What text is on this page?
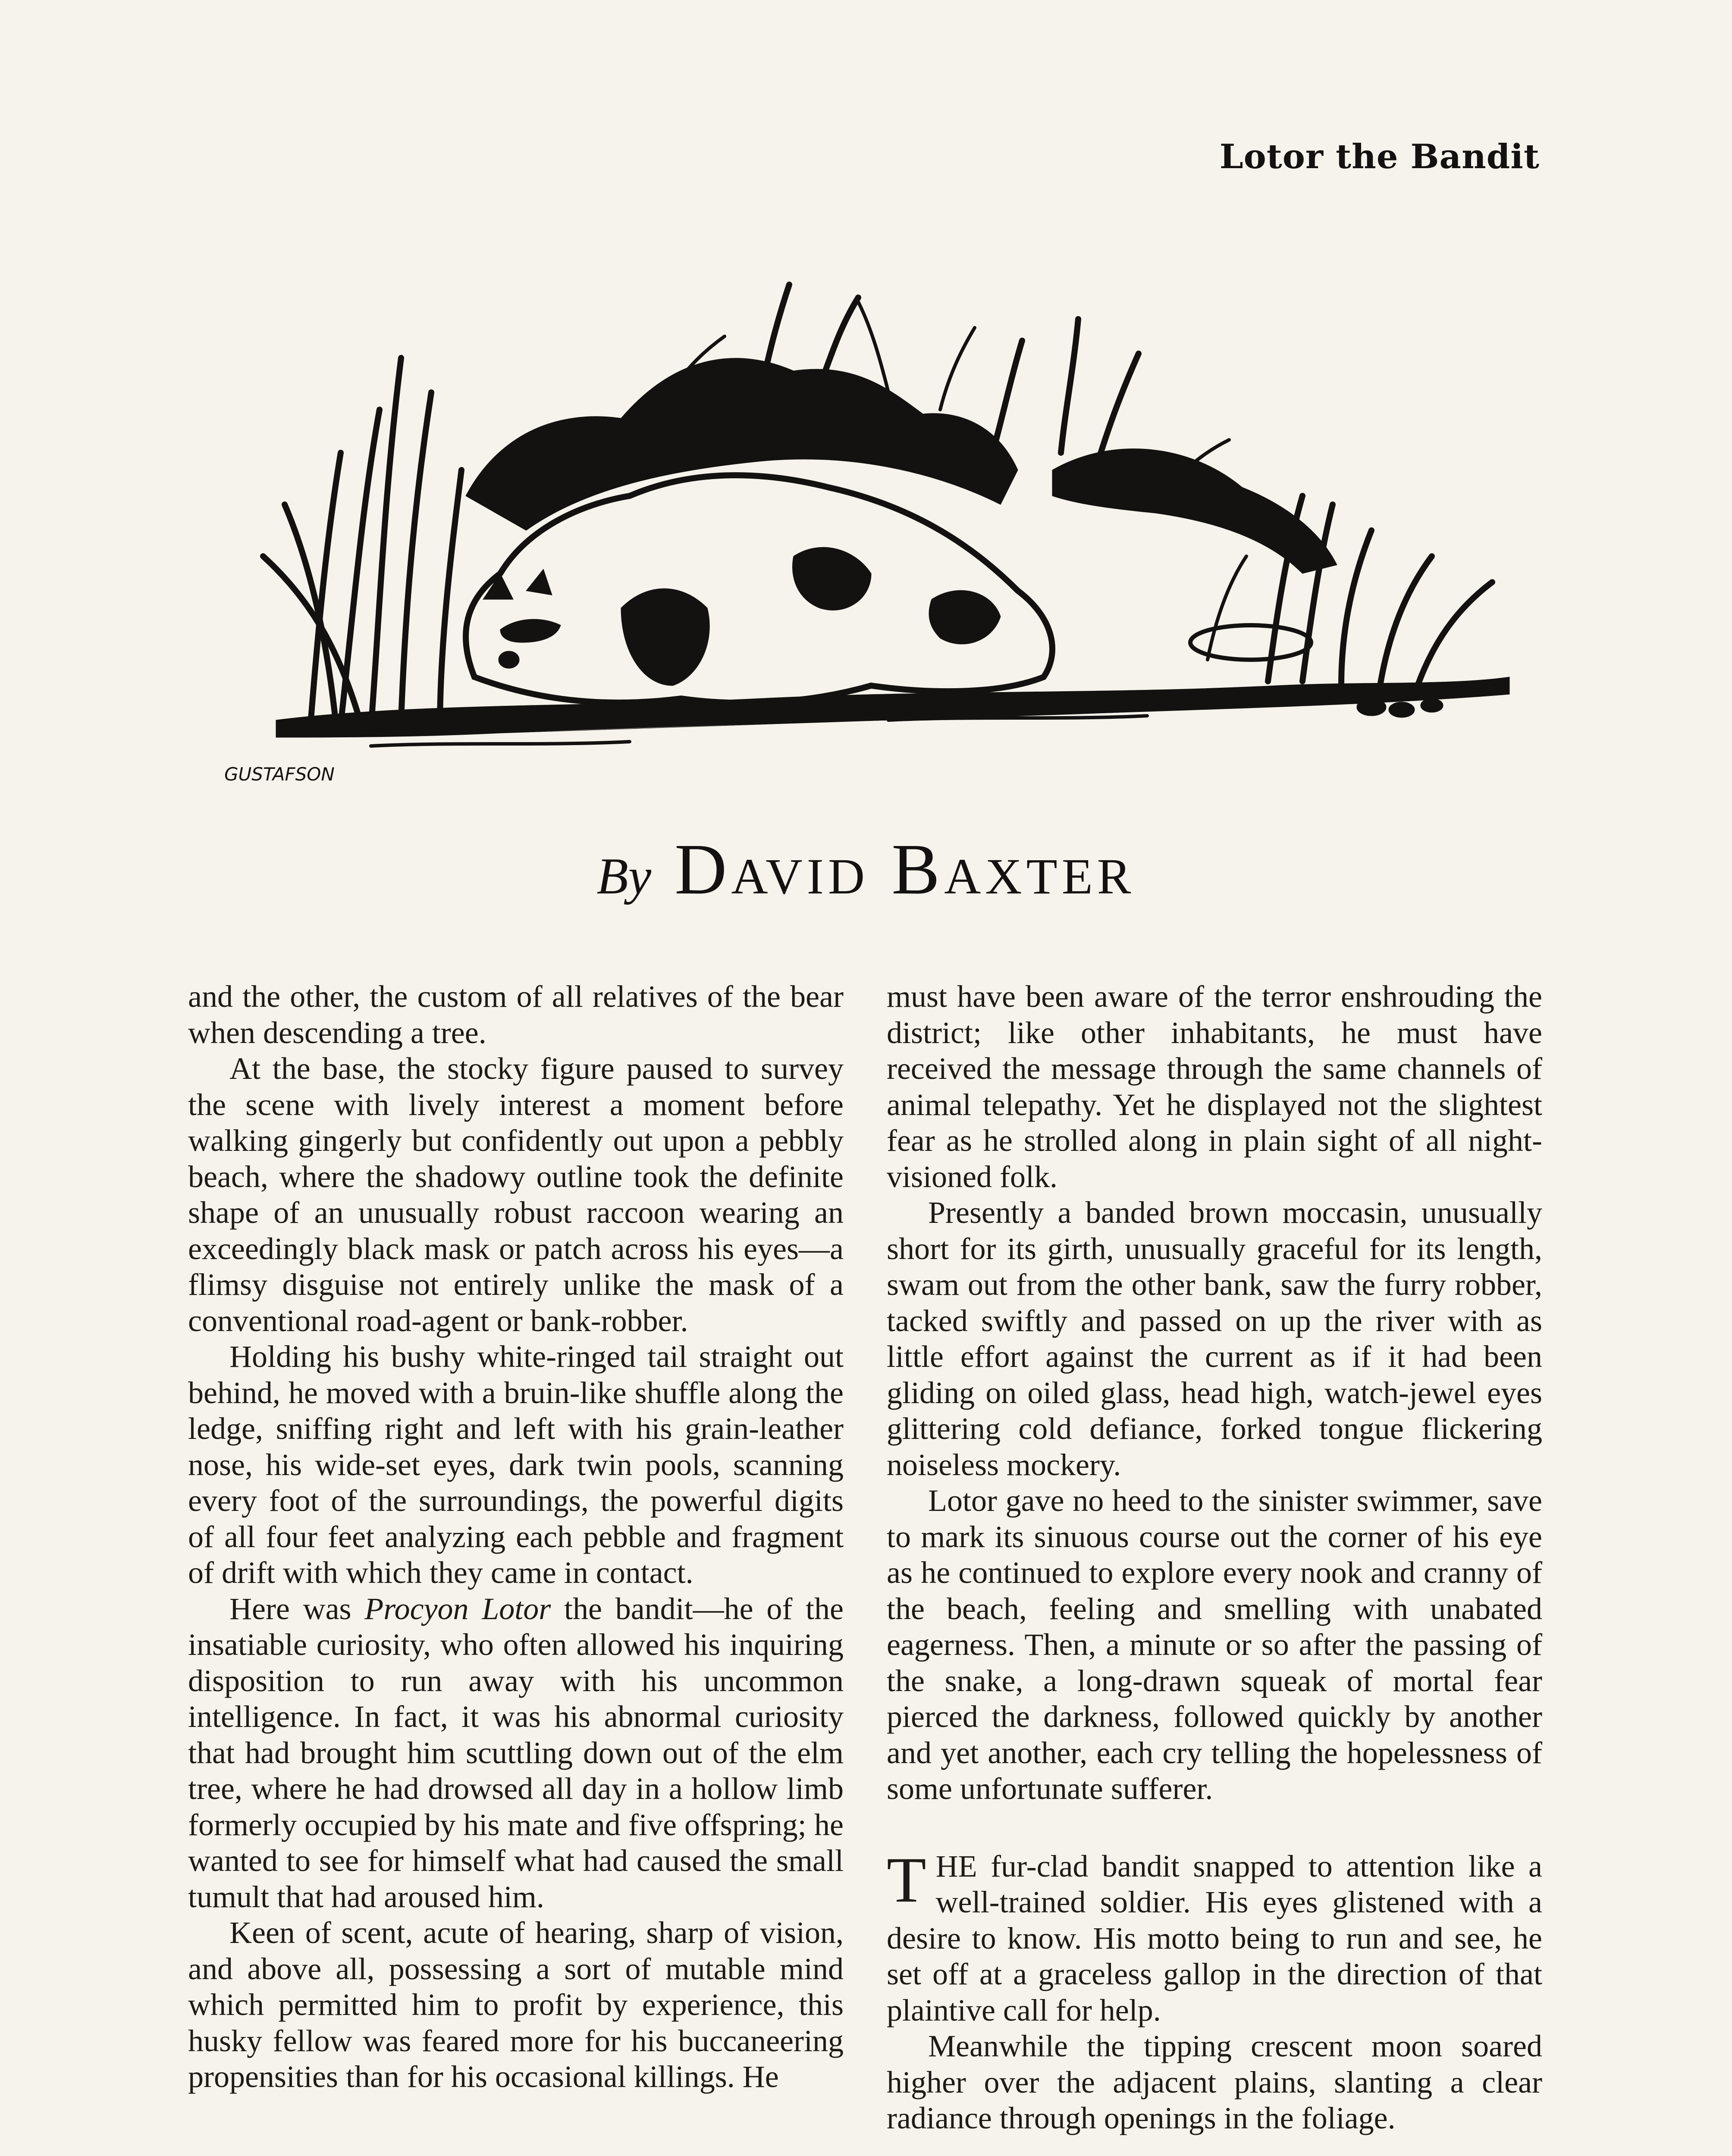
Lotor the Bandit
GUSTAFSON
By David Baxter

and the other, the custom of all relatives of the bear when descending a tree.

At the base, the stocky figure paused to survey the scene with lively interest a moment before walking gingerly but confidently out upon a pebbly beach, where the shadowy outline took the definite shape of an unusually robust raccoon wearing an exceedingly black mask or patch across his eyes—a flimsy disguise not entirely unlike the mask of a conventional road-agent or bank-robber.

Holding his bushy white-ringed tail straight out behind, he moved with a bruin-like shuffle along the ledge, sniffing right and left with his grain-leather nose, his wide-set eyes, dark twin pools, scanning every foot of the surroundings, the powerful digits of all four feet analyzing each pebble and fragment of drift with which they came in contact.

Here was Procyon Lotor the bandit—he of the insatiable curiosity, who often allowed his inquiring disposition to run away with his uncommon intelligence. In fact, it was his abnormal curiosity that had brought him scuttling down out of the elm tree, where he had drowsed all day in a hollow limb formerly occupied by his mate and five offspring; he wanted to see for himself what had caused the small tumult that had aroused him.

Keen of scent, acute of hearing, sharp of vision, and above all, possessing a sort of mutable mind which permitted him to profit by experience, this husky fellow was feared more for his buccaneering propensities than for his occasional killings. He

must have been aware of the terror enshrouding the district; like other inhabitants, he must have received the message through the same channels of animal telepathy. Yet he displayed not the slightest fear as he strolled along in plain sight of all night-visioned folk.

Presently a banded brown moccasin, unusually short for its girth, unusually graceful for its length, swam out from the other bank, saw the furry robber, tacked swiftly and passed on up the river with as little effort against the current as if it had been gliding on oiled glass, head high, watch-jewel eyes glittering cold defiance, forked tongue flickering noiseless mockery.

Lotor gave no heed to the sinister swimmer, save to mark its sinuous course out the corner of his eye as he continued to explore every nook and cranny of the beach, feeling and smelling with unabated eagerness. Then, a minute or so after the passing of the snake, a long-drawn squeak of mortal fear pierced the darkness, followed quickly by another and yet another, each cry telling the hopelessness of some unfortunate sufferer.

THE fur-clad bandit snapped to attention like a well-trained soldier. His eyes glistened with a desire to know. His motto being to run and see, he set off at a graceless gallop in the direction of that plaintive call for help.

Meanwhile the tipping crescent moon soared higher over the adjacent plains, slanting a clear radiance through openings in the foliage.
